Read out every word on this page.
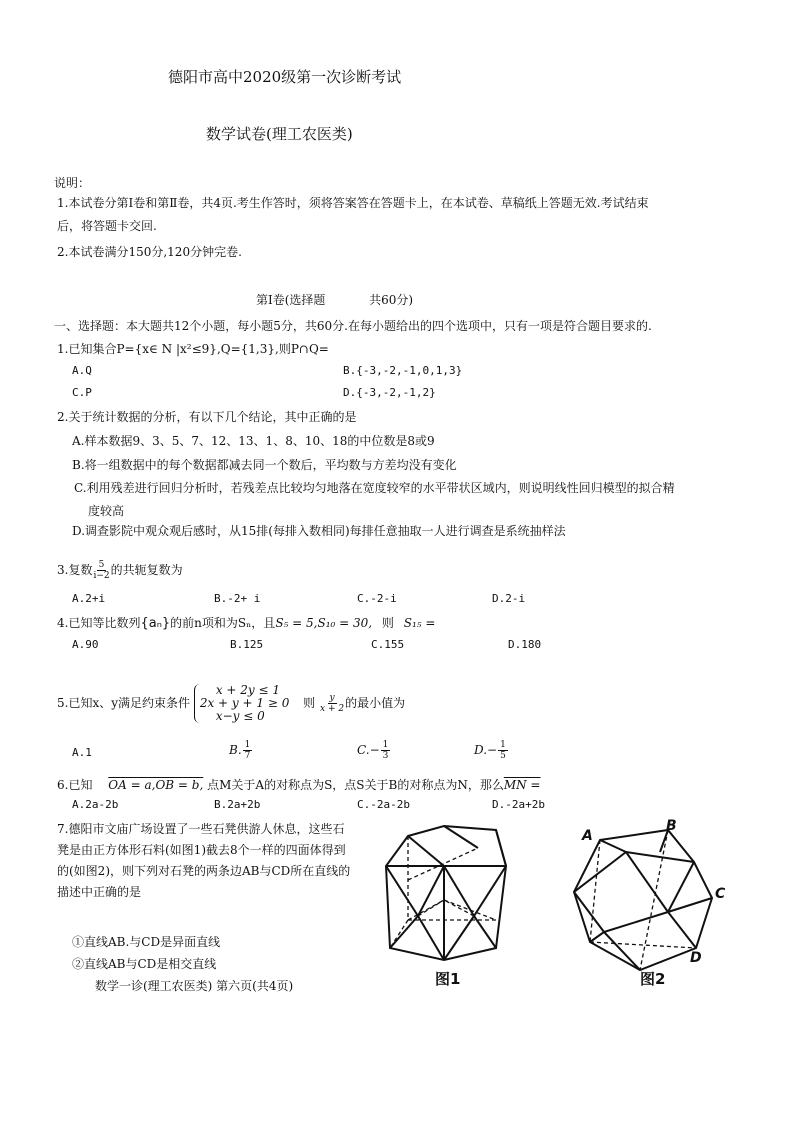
德阳市高中2020级第一次诊断考试
数学试卷(理工农医类)
说明：
1.本试卷分第Ⅰ卷和第Ⅱ卷，共4页.考生作答时，须将答案答在答题卡上，在本试卷、草稿纸上答题无效.考试结束
后，将答题卡交回.
2.本试卷满分150分,120分钟完卷.
第Ⅰ卷(选择题	共60分)
一、选择题：本大题共12个小题，每小题5分，共60分.在每小题给出的四个选项中，只有一项是符合题目要求的.
1.已知集合P={x∈ N |x²≤9},Q={1,3},则P∩Q=
A.Q	B.{-3,-2,-1,0,1,3}
C.P	D.{-3,-2,-1,2}
2.关于统计数据的分析，有以下几个结论，其中正确的是
A.样本数据9、3、5、7、12、13、1、8、10、18的中位数是8或9
B.将一组数据中的每个数据都减去同一个数后，平均数与方差均没有变化
C.利用残差进行回归分析时，若残差点比较均匀地落在宽度较窄的水平带状区域内，则说明线性回归模型的拟合精
度较高
D.调查影院中观众观后感时，从15排(每排入数相同)每排任意抽取一人进行调查是系统抽样法
3.复数 $\frac{5}{i-2}$ 的共轭复数为
A.2+i	B.-2+ i	C.-2-i	D.2-i
4.已知等比数列{aₙ}的前n项和为Sₙ，且S₅ = 5,S₁₀ = 30, 则 S₁₅ =
A.90	B.125	C.155	D.180
5.已知x、y满足约束条件
x + 2y ≤ 1
2x + y + 1 ≥ 0
x−y ≤ 0
则 $\frac{y}{x + 2}$ 的最小值为
A.1	B. $\frac{1}{7}$	$C.- \frac{1}{3}$	$D.- \frac{1}{5}$
6.已知 OA = a,OB = b, 点M关于A的对称点为S，点S关于B的对称点为N，那么MN =
A.2a-2b	B.2a+2b	C.-2a-2b	D.-2a+2b
7.德阳市文庙广场设置了一些石凳供游人休息，这些石
凳是由正方体形石料(如图1)截去8个一样的四面体得到
的(如图2)，则下列对石凳的两条边AB与CD所在直线的
描述中正确的是
①直线AB.与CD是异面直线
②直线AB与CD是相交直线
图1	图2
A
B
C
D
数学一诊(理工农医类) 第六页(共4页)
